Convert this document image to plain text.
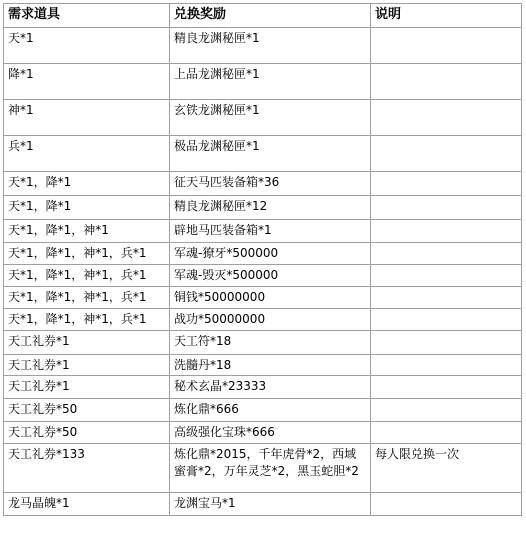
需求道具	兑换奖励	说明
天*1	精良龙渊秘匣*1	
降*1	上品龙渊秘匣*1	
神*1	玄铁龙渊秘匣*1	
兵*1	极品龙渊秘匣*1	
天*1，降*1	征天马匹装备箱*36	
天*1，降*1	精良龙渊秘匣*12	
天*1，降*1，神*1	辟地马匹装备箱*1	
天*1，降*1，神*1，兵*1	军魂-獠牙*500000	
天*1，降*1，神*1，兵*1	军魂-毁灭*500000	
天*1，降*1，神*1，兵*1	铜钱*50000000	
天*1，降*1，神*1，兵*1	战功*50000000	
天工礼券*1	天工符*18	
天工礼券*1	洗髓丹*18	
天工礼券*1	秘术玄晶*23333	
天工礼券*50	炼化鼎*666	
天工礼券*50	高级强化宝珠*666	
天工礼券*133	炼化鼎*2015，千年虎骨*2，西域蜜膏*2，万年灵芝*2，黑玉蛇胆*2	每人限兑换一次
龙马晶魄*1	龙渊宝马*1	
